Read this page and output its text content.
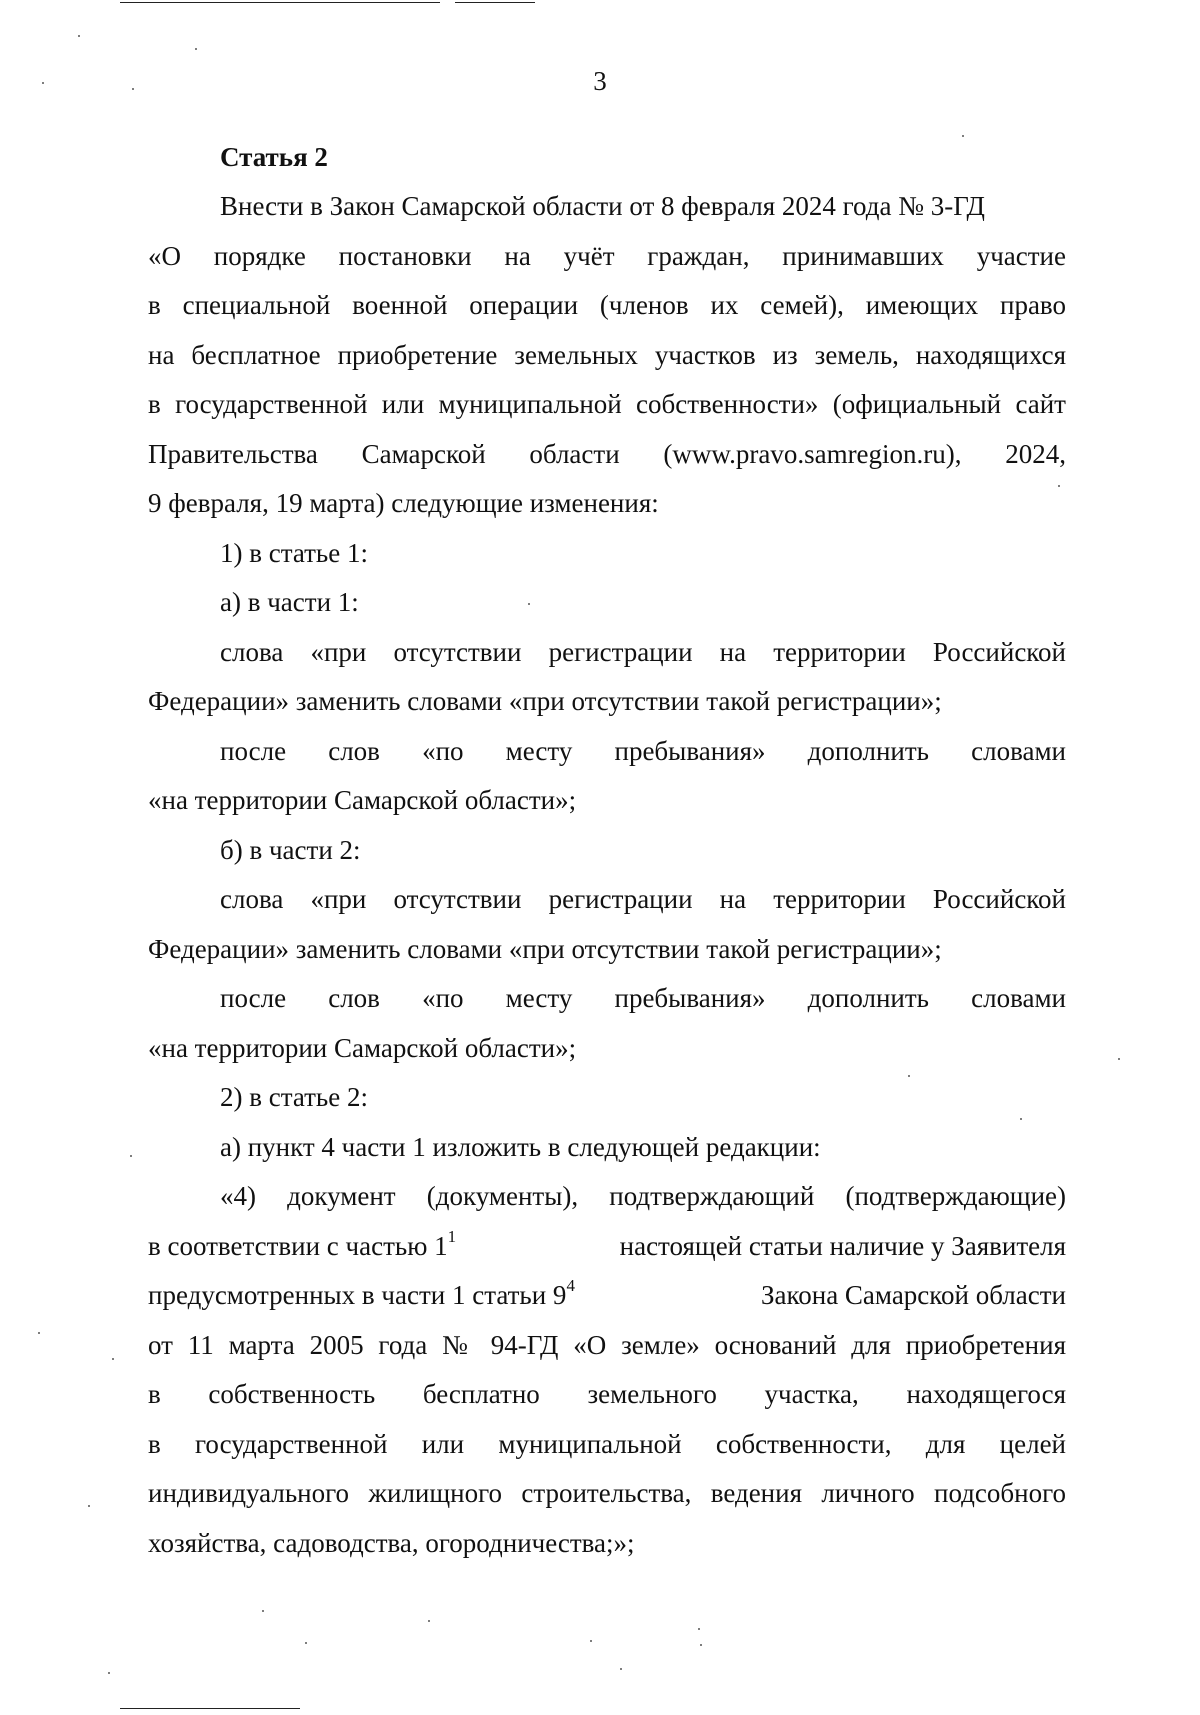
3
Статья 2
Внести в Закон Самарской области от 8 февраля 2024 года № 3-ГД
«О порядке постановки на учёт граждан, принимавших участие
в специальной военной операции (членов их семей), имеющих право
на бесплатное приобретение земельных участков из земель, находящихся
в государственной или муниципальной собственности» (официальный сайт
Правительства Самарской области (www.pravo.samregion.ru), 2024,
9 февраля, 19 марта) следующие изменения:
1) в статье 1:
а) в части 1:
слова «при отсутствии регистрации на территории Российской
Федерации» заменить словами «при отсутствии такой регистрации»;
после слов «по месту пребывания» дополнить словами
«на территории Самарской области»;
б) в части 2:
слова «при отсутствии регистрации на территории Российской
Федерации» заменить словами «при отсутствии такой регистрации»;
после слов «по месту пребывания» дополнить словами
«на территории Самарской области»;
2) в статье 2:
а) пункт 4 части 1 изложить в следующей редакции:
«4) документ (документы), подтверждающий (подтверждающие)
в соответствии с частью $1^1$	настоящей статьи наличие у Заявителя
предусмотренных в части 1 статьи $9^4$	Закона Самарской области
от 11 марта 2005 года № 94-ГД «О земле» оснований для приобретения
в собственность бесплатно земельного участка, находящегося
в государственной или муниципальной собственности, для целей
индивидуального жилищного строительства, ведения личного подсобного
хозяйства, садоводства, огородничества;»;
